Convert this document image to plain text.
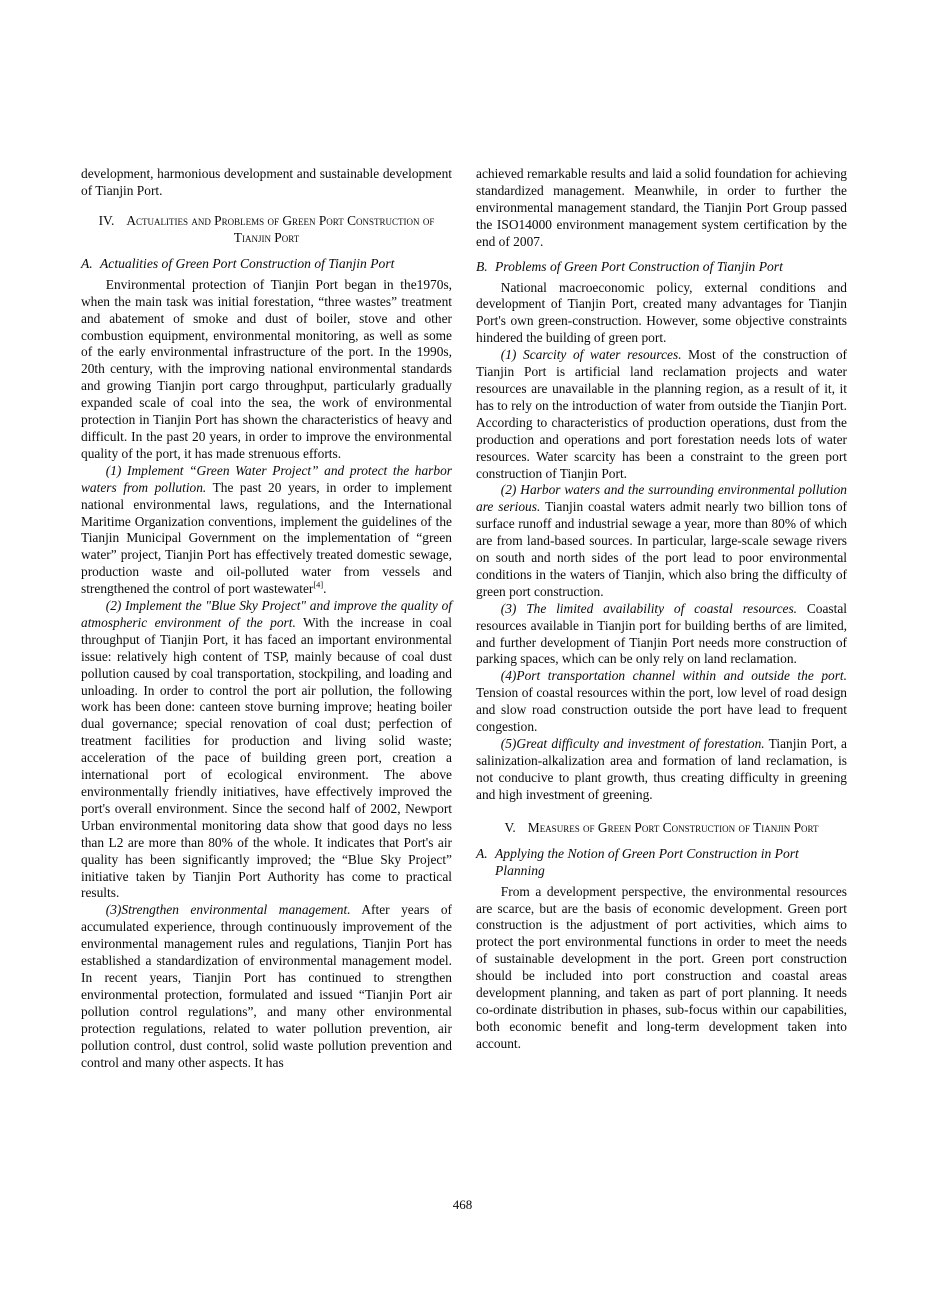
development, harmonious development and sustainable development of Tianjin Port.

IV. Actualities and Problems of Green Port Construction of Tianjin Port
A. Actualities of Green Port Construction of Tianjin Port

Environmental protection of Tianjin Port began in the1970s, when the main task was initial forestation, “three wastes” treatment and abatement of smoke and dust of boiler, stove and other combustion equipment, environmental monitoring, as well as some of the early environmental infrastructure of the port. In the 1990s, 20th century, with the improving national environmental standards and growing Tianjin port cargo throughput, particularly gradually expanded scale of coal into the sea, the work of environmental protection in Tianjin Port has shown the characteristics of heavy and difficult. In the past 20 years, in order to improve the environmental quality of the port, it has made strenuous efforts.

(1) Implement “Green Water Project” and protect the harbor waters from pollution. The past 20 years, in order to implement national environmental laws, regulations, and the International Maritime Organization conventions, implement the guidelines of the Tianjin Municipal Government on the implementation of “green water” project, Tianjin Port has effectively treated domestic sewage, production waste and oil-polluted water from vessels and strengthened the control of port wastewater[4].

(2) Implement the "Blue Sky Project" and improve the quality of atmospheric environment of the port. With the increase in coal throughput of Tianjin Port, it has faced an important environmental issue: relatively high content of TSP, mainly because of coal dust pollution caused by coal transportation, stockpiling, and loading and unloading. In order to control the port air pollution, the following work has been done: canteen stove burning improve; heating boiler dual governance; special renovation of coal dust; perfection of treatment facilities for production and living solid waste; acceleration of the pace of building green port, creation a international port of ecological environment. The above environmentally friendly initiatives, have effectively improved the port's overall environment. Since the second half of 2002, Newport Urban environmental monitoring data show that good days no less than L2 are more than 80% of the whole. It indicates that Port's air quality has been significantly improved; the “Blue Sky Project” initiative taken by Tianjin Port Authority has come to practical results.

(3)Strengthen environmental management. After years of accumulated experience, through continuously improvement of the environmental management rules and regulations, Tianjin Port has established a standardization of environmental management model. In recent years, Tianjin Port has continued to strengthen environmental protection, formulated and issued “Tianjin Port air pollution control regulations”, and many other environmental protection regulations, related to water pollution prevention, air pollution control, dust control, solid waste pollution prevention and control and many other aspects. It has

achieved remarkable results and laid a solid foundation for achieving standardized management. Meanwhile, in order to further the environmental management standard, the Tianjin Port Group passed the ISO14000 environment management system certification by the end of 2007.

B. Problems of Green Port Construction of Tianjin Port

National macroeconomic policy, external conditions and development of Tianjin Port, created many advantages for Tianjin Port's own green-construction. However, some objective constraints hindered the building of green port.

(1) Scarcity of water resources. Most of the construction of Tianjin Port is artificial land reclamation projects and water resources are unavailable in the planning region, as a result of it, it has to rely on the introduction of water from outside the Tianjin Port. According to characteristics of production operations, dust from the production and operations and port forestation needs lots of water resources. Water scarcity has been a constraint to the green port construction of Tianjin Port.

(2) Harbor waters and the surrounding environmental pollution are serious. Tianjin coastal waters admit nearly two billion tons of surface runoff and industrial sewage a year, more than 80% of which are from land-based sources. In particular, large-scale sewage rivers on south and north sides of the port lead to poor environmental conditions in the waters of Tianjin, which also bring the difficulty of green port construction.

(3) The limited availability of coastal resources. Coastal resources available in Tianjin port for building berths of are limited, and further development of Tianjin Port needs more construction of parking spaces, which can be only rely on land reclamation.

(4)Port transportation channel within and outside the port. Tension of coastal resources within the port, low level of road design and slow road construction outside the port have lead to frequent congestion.

(5)Great difficulty and investment of forestation. Tianjin Port, a salinization-alkalization area and formation of land reclamation, is not conducive to plant growth, thus creating difficulty in greening and high investment of greening.

V. Measures of Green Port Construction of Tianjin Port
A. Applying the Notion of Green Port Construction in Port Planning

From a development perspective, the environmental resources are scarce, but are the basis of economic development. Green port construction is the adjustment of port activities, which aims to protect the port environmental functions in order to meet the needs of sustainable development in the port. Green port construction should be included into port construction and coastal areas development planning, and taken as part of port planning. It needs co-ordinate distribution in phases, sub-focus within our capabilities, both economic benefit and long-term development taken into account.

468
